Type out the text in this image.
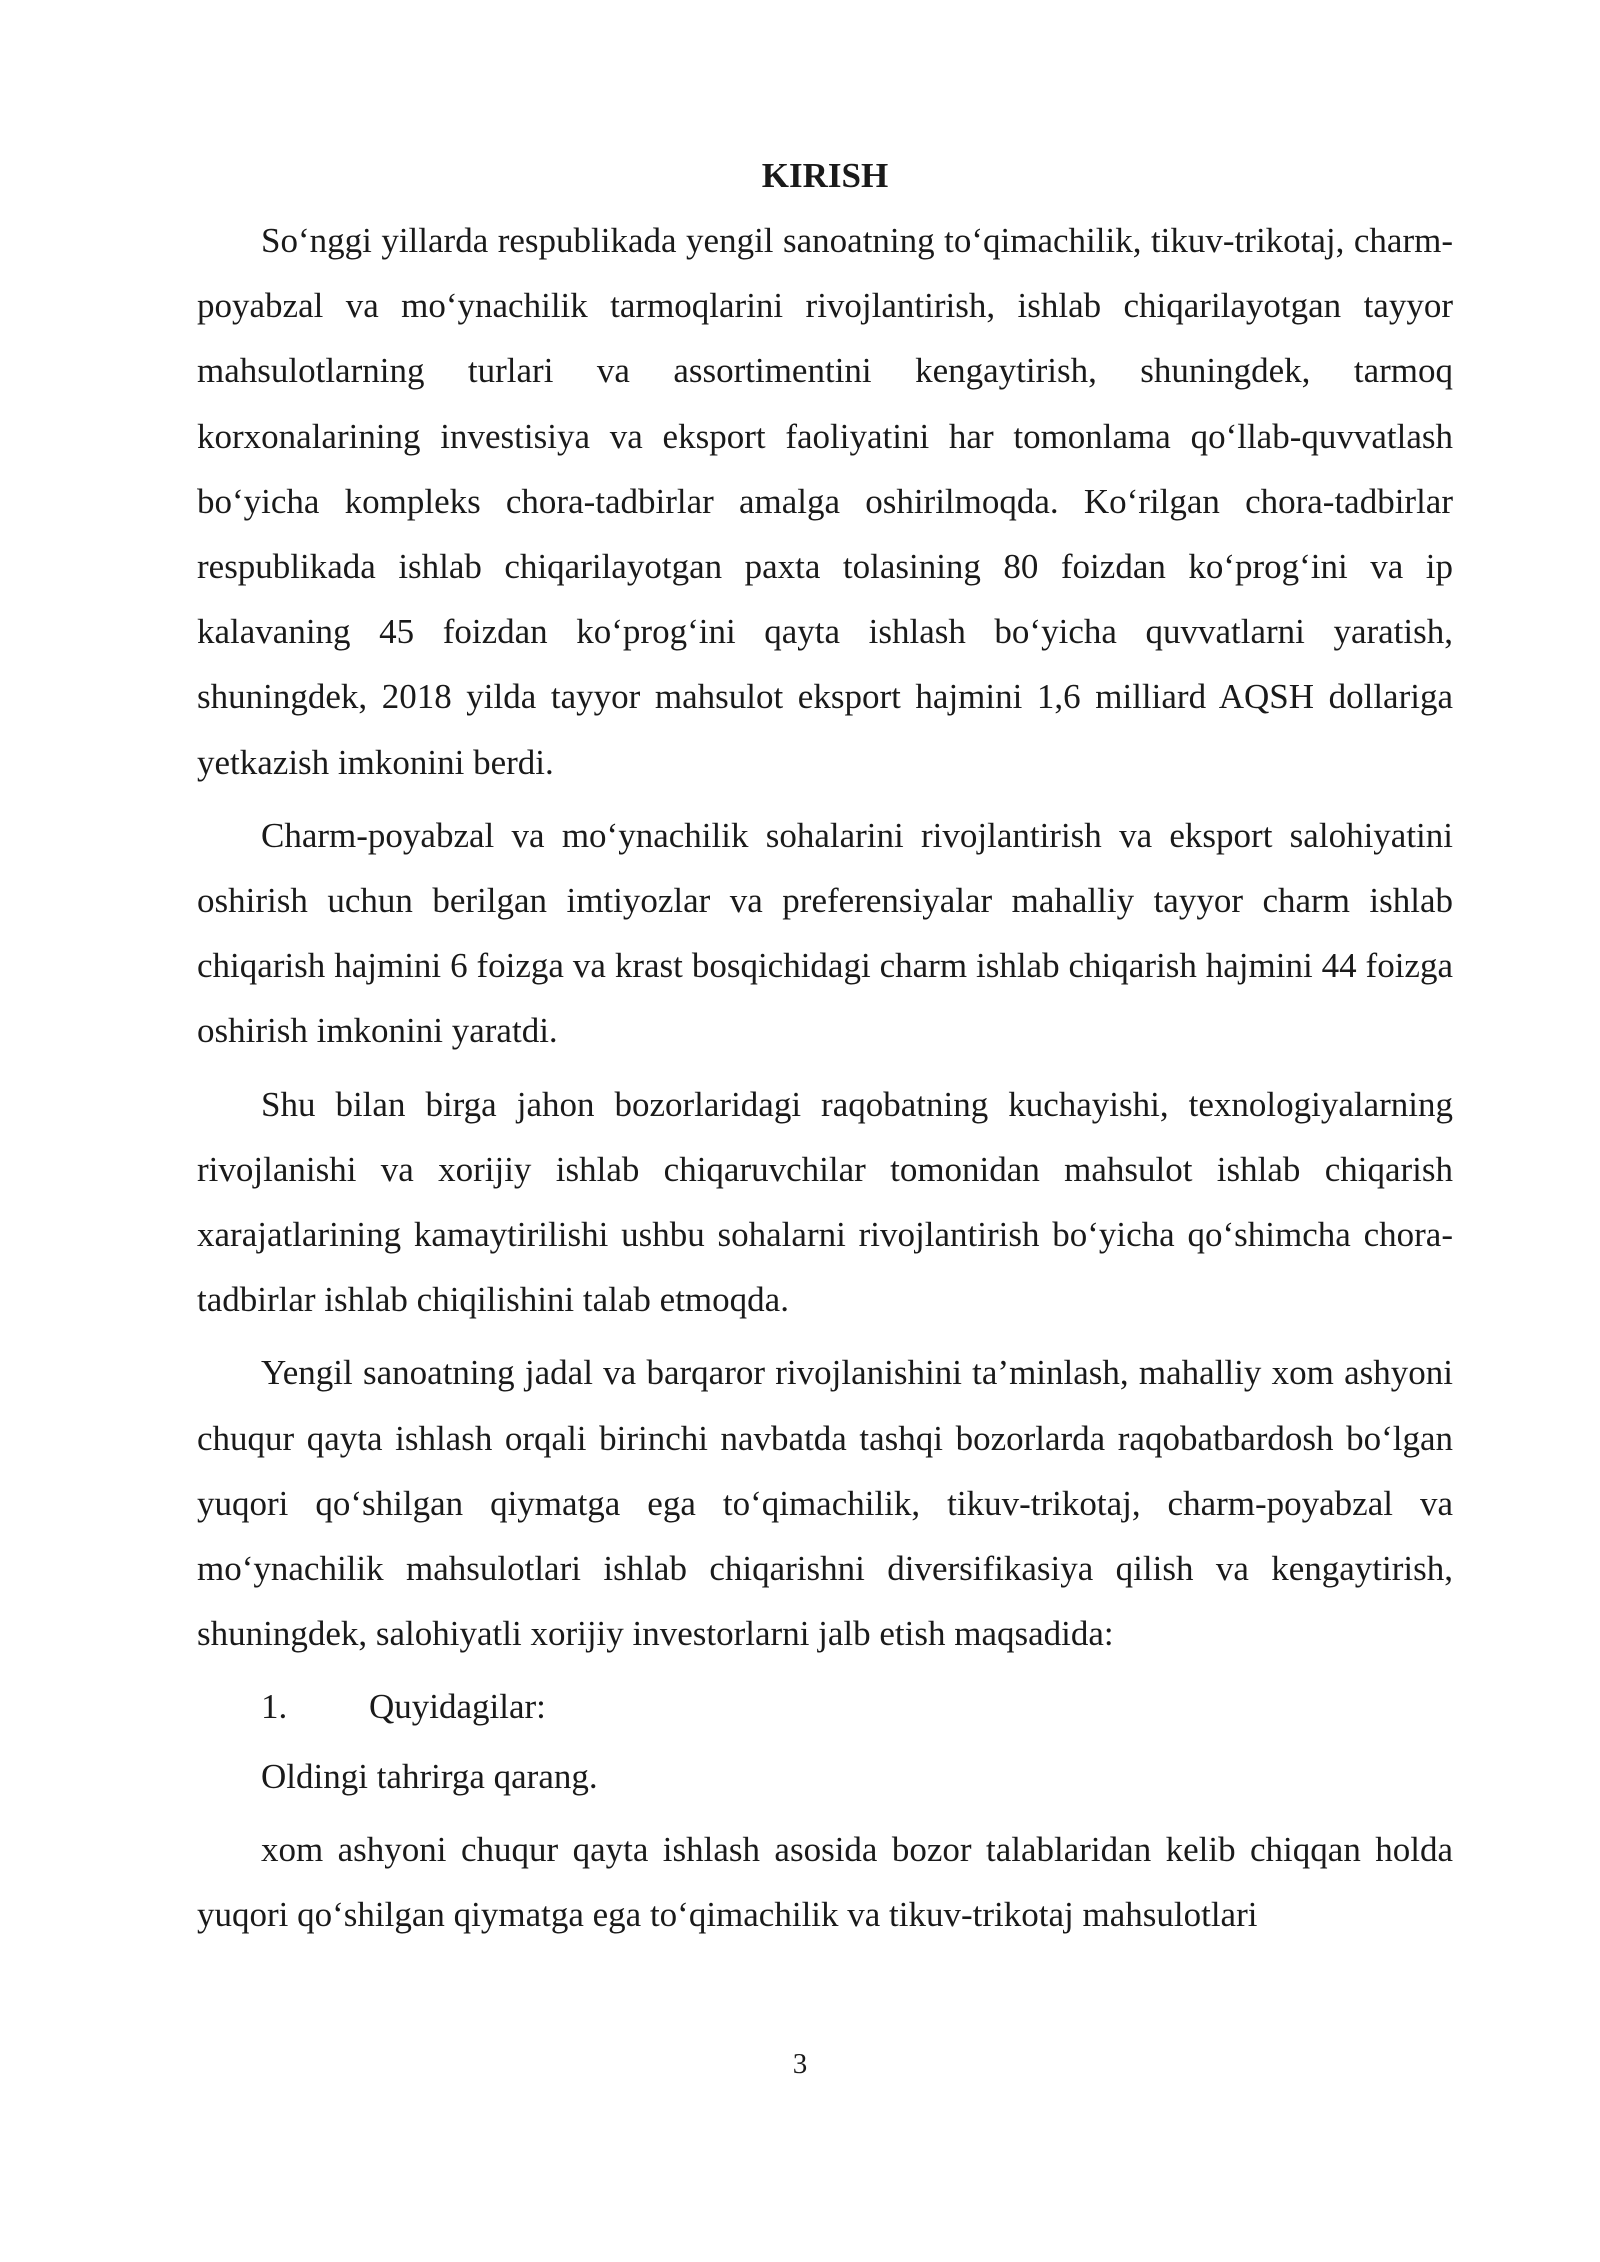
KIRISH

So‘nggi yillarda respublikada yengil sanoatning to‘qimachilik, tikuv-trikotaj, charm-poyabzal va mo‘ynachilik tarmoqlarini rivojlantirish, ishlab chiqarilayotgan tayyor mahsulotlarning turlari va assortimentini kengaytirish, shuningdek, tarmoq korxonalarining investisiya va eksport faoliyatini har tomonlama qo‘llab-quvvatlash bo‘yicha kompleks chora-tadbirlar amalga oshirilmoqda. Ko‘rilgan chora-tadbirlar respublikada ishlab chiqarilayotgan paxta tolasining 80 foizdan ko‘prog‘ini va ip kalavaning 45 foizdan ko‘prog‘ini qayta ishlash bo‘yicha quvvatlarni yaratish, shuningdek, 2018 yilda tayyor mahsulot eksport hajmini 1,6 milliard AQSH dollariga yetkazish imkonini berdi.

Charm-poyabzal va mo‘ynachilik sohalarini rivojlantirish va eksport salohiyatini oshirish uchun berilgan imtiyozlar va preferensiyalar mahalliy tayyor charm ishlab chiqarish hajmini 6 foizga va krast bosqichidagi charm ishlab chiqarish hajmini 44 foizga oshirish imkonini yaratdi.

Shu bilan birga jahon bozorlaridagi raqobatning kuchayishi, texnologiyalarning rivojlanishi va xorijiy ishlab chiqaruvchilar tomonidan mahsulot ishlab chiqarish xarajatlarining kamaytirilishi ushbu sohalarni rivojlantirish bo‘yicha qo‘shimcha chora-tadbirlar ishlab chiqilishini talab etmoqda.

Yengil sanoatning jadal va barqaror rivojlanishini ta’minlash, mahalliy xom ashyoni chuqur qayta ishlash orqali birinchi navbatda tashqi bozorlarda raqobatbardosh bo‘lgan yuqori qo‘shilgan qiymatga ega to‘qimachilik, tikuv-trikotaj, charm-poyabzal va mo‘ynachilik mahsulotlari ishlab chiqarishni diversifikasiya qilish va kengaytirish, shuningdek, salohiyatli xorijiy investorlarni jalb etish maqsadida:

1. Quyidagilar:

Oldingi tahrirga qarang.

xom ashyoni chuqur qayta ishlash asosida bozor talablaridan kelib chiqqan holda yuqori qo‘shilgan qiymatga ega to‘qimachilik va tikuv-trikotaj mahsulotlari

3
